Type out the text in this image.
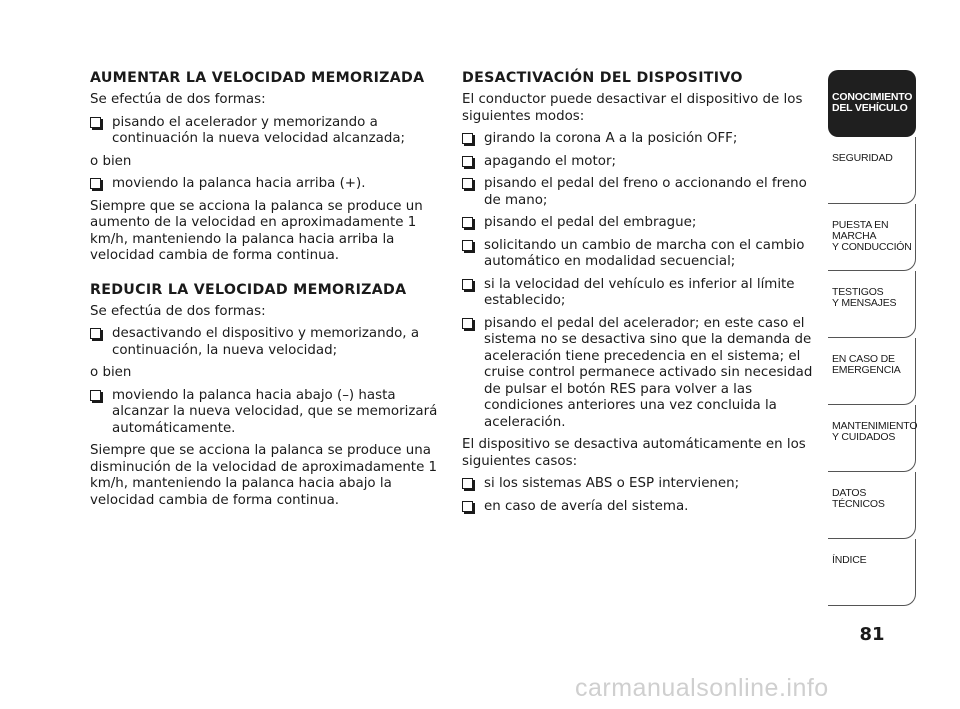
AUMENTAR LA VELOCIDAD MEMORIZADA

Se efectúa de dos formas:

pisando el acelerador y memorizando a continuación la nueva velocidad alcanzada;

o bien

moviendo la palanca hacia arriba (+).

Siempre que se acciona la palanca se produce un aumento de la velocidad en aproximadamente 1 km/h, manteniendo la palanca hacia arriba la velocidad cambia de forma continua.

REDUCIR LA VELOCIDAD MEMORIZADA

Se efectúa de dos formas:

desactivando el dispositivo y memorizando, a continuación, la nueva velocidad;

o bien

moviendo la palanca hacia abajo (–) hasta alcanzar la nueva velocidad, que se memorizará automáticamente.

Siempre que se acciona la palanca se produce una disminución de la velocidad de aproximadamente 1 km/h, manteniendo la palanca hacia abajo la velocidad cambia de forma continua.

DESACTIVACIÓN DEL DISPOSITIVO

El conductor puede desactivar el dispositivo de los siguientes modos:

girando la corona A a la posición OFF;
apagando el motor;
pisando el pedal del freno o accionando el freno de mano;
pisando el pedal del embrague;
solicitando un cambio de marcha con el cambio automático en modalidad secuencial;
si la velocidad del vehículo es inferior al límite establecido;
pisando el pedal del acelerador; en este caso el sistema no se desactiva sino que la demanda de aceleración tiene precedencia en el sistema; el cruise control permanece activado sin necesidad de pulsar el botón RES para volver a las condiciones anteriores una vez concluida la aceleración.

El dispositivo se desactiva automáticamente en los siguientes casos:

si los sistemas ABS o ESP intervienen;
en caso de avería del sistema.
CONOCIMIENTO
DEL VEHÍCULO
SEGURIDAD
PUESTA EN
MARCHA
Y CONDUCCIÓN
TESTIGOS
Y MENSAJES
EN CASO DE
EMERGENCIA
MANTENIMIENTO
Y CUIDADOS
DATOS
TÉCNICOS
ÍNDICE
81
carmanualsonline.info
